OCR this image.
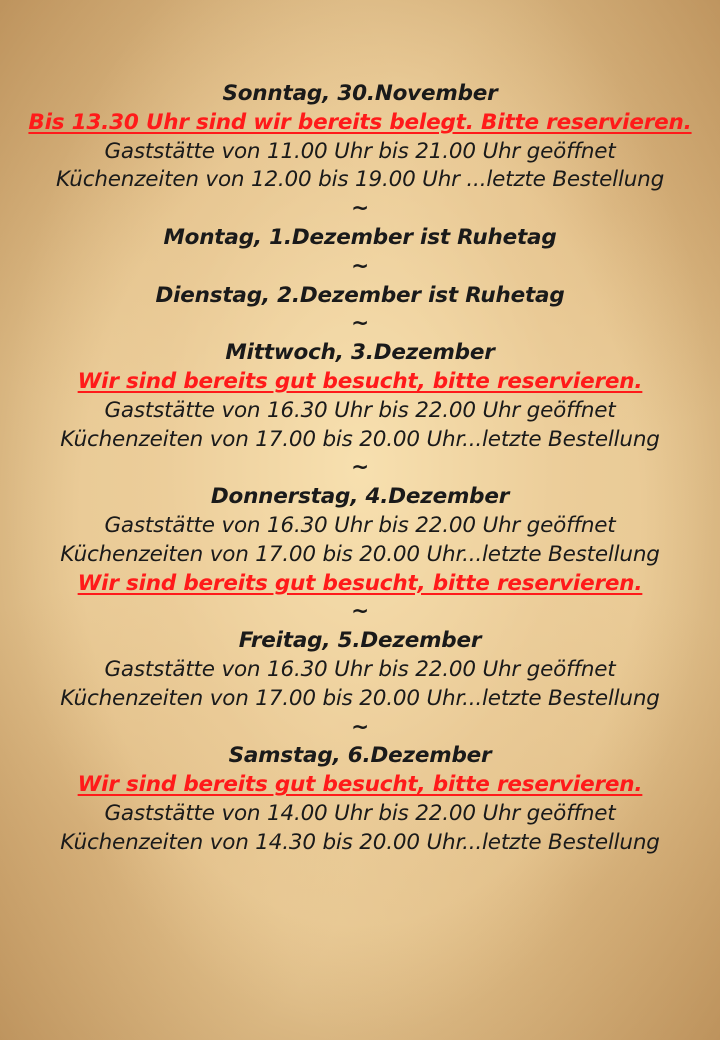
Sonntag, 30.November
Bis 13.30 Uhr sind wir bereits belegt. Bitte reservieren.
Gaststätte von 11.00 Uhr bis 21.00 Uhr geöffnet
Küchenzeiten von 12.00 bis 19.00 Uhr ...letzte Bestellung
~
Montag, 1.Dezember ist Ruhetag
~
Dienstag, 2.Dezember ist Ruhetag
~
Mittwoch, 3.Dezember
Wir sind bereits gut besucht, bitte reservieren.
Gaststätte von 16.30 Uhr bis 22.00 Uhr geöffnet
Küchenzeiten von 17.00 bis 20.00 Uhr...letzte Bestellung
~
Donnerstag, 4.Dezember
Gaststätte von 16.30 Uhr bis 22.00 Uhr geöffnet
Küchenzeiten von 17.00 bis 20.00 Uhr...letzte Bestellung
Wir sind bereits gut besucht, bitte reservieren.
~
Freitag, 5.Dezember
Gaststätte von 16.30 Uhr bis 22.00 Uhr geöffnet
Küchenzeiten von 17.00 bis 20.00 Uhr...letzte Bestellung
~
Samstag, 6.Dezember
Wir sind bereits gut besucht, bitte reservieren.
Gaststätte von 14.00 Uhr bis 22.00 Uhr geöffnet
Küchenzeiten von 14.30 bis 20.00 Uhr...letzte Bestellung
